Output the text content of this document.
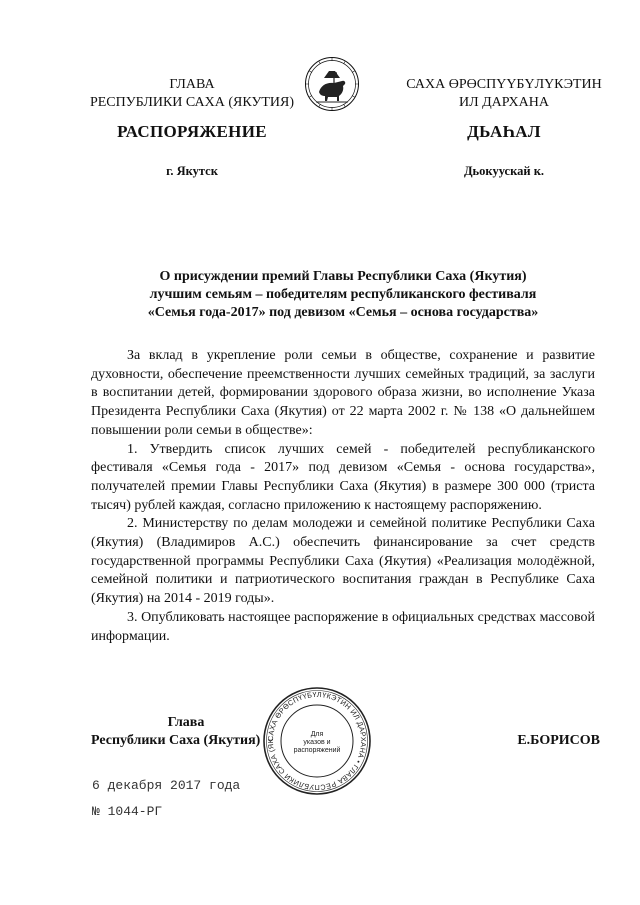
ГЛАВА
РЕСПУБЛИКИ САХА (ЯКУТИЯ)
САХА ӨРӨСПҮҮБҮЛҮКЭТИН
ИЛ ДАРХАНА
РАСПОРЯЖЕНИЕ	ДЬАҺАЛ
г. Якутск	Дьокуускай к.
О присуждении премий Главы Республики Саха (Якутия)
лучшим семьям – победителям республиканского фестиваля
«Семья года-2017» под девизом «Семья – основа государства»

За вклад в укрепление роли семьи в обществе, сохранение и развитие духовности, обеспечение преемственности лучших семейных традиций, за заслуги в воспитании детей, формировании здорового образа жизни, во исполнение Указа Президента Республики Саха (Якутия) от 22 марта 2002 г. № 138 «О дальнейшем повышении роли семьи в обществе»:

1. Утвердить список лучших семей - победителей республиканского фестиваля «Семья года - 2017» под девизом «Семья - основа государства», получателей премии Главы Республики Саха (Якутия) в размере 300 000 (триста тысяч) рублей каждая, согласно приложению к настоящему распоряжению.

2. Министерству по делам молодежи и семейной политике Республики Саха (Якутия) (Владимиров А.С.) обеспечить финансирование за счет средств государственной программы Республики Саха (Якутия) «Реализация молодёжной, семейной политики и патриотического воспитания граждан в Республике Саха (Якутия) на 2014 - 2019 годы».

3. Опубликовать настоящее распоряжение в официальных средствах массовой информации.

САХА ӨРӨСПҮҮБҮЛҮКЭТИН ИЛ ДАРХАНА • ГЛАВА РЕСПУБЛИКИ САХА (ЯК
Для
указов и
распоряжений
Глава
Республики Саха (Якутия)	Е.БОРИСОВ
6 декабря 2017 года
№ 1044-РГ
